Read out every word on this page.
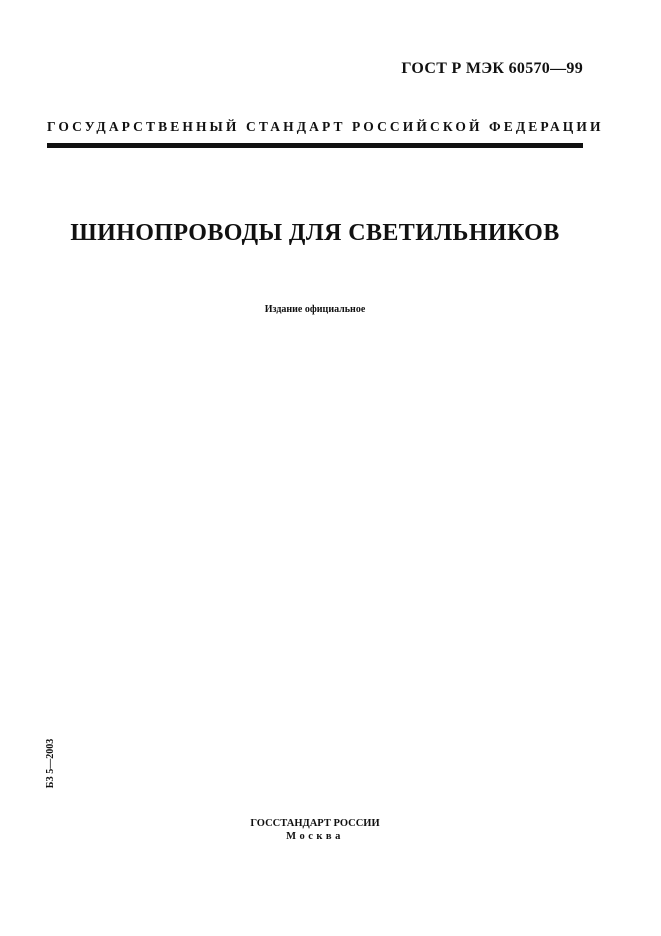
ГОСТ Р МЭК 60570—99
ГОСУДАРСТВЕННЫЙ СТАНДАРТ РОССИЙСКОЙ ФЕДЕРАЦИИ
ШИНОПРОВОДЫ ДЛЯ СВЕТИЛЬНИКОВ
Издание официальное
БЗ 5—2003
ГОССТАНДАРТ РОССИИ
Москва
